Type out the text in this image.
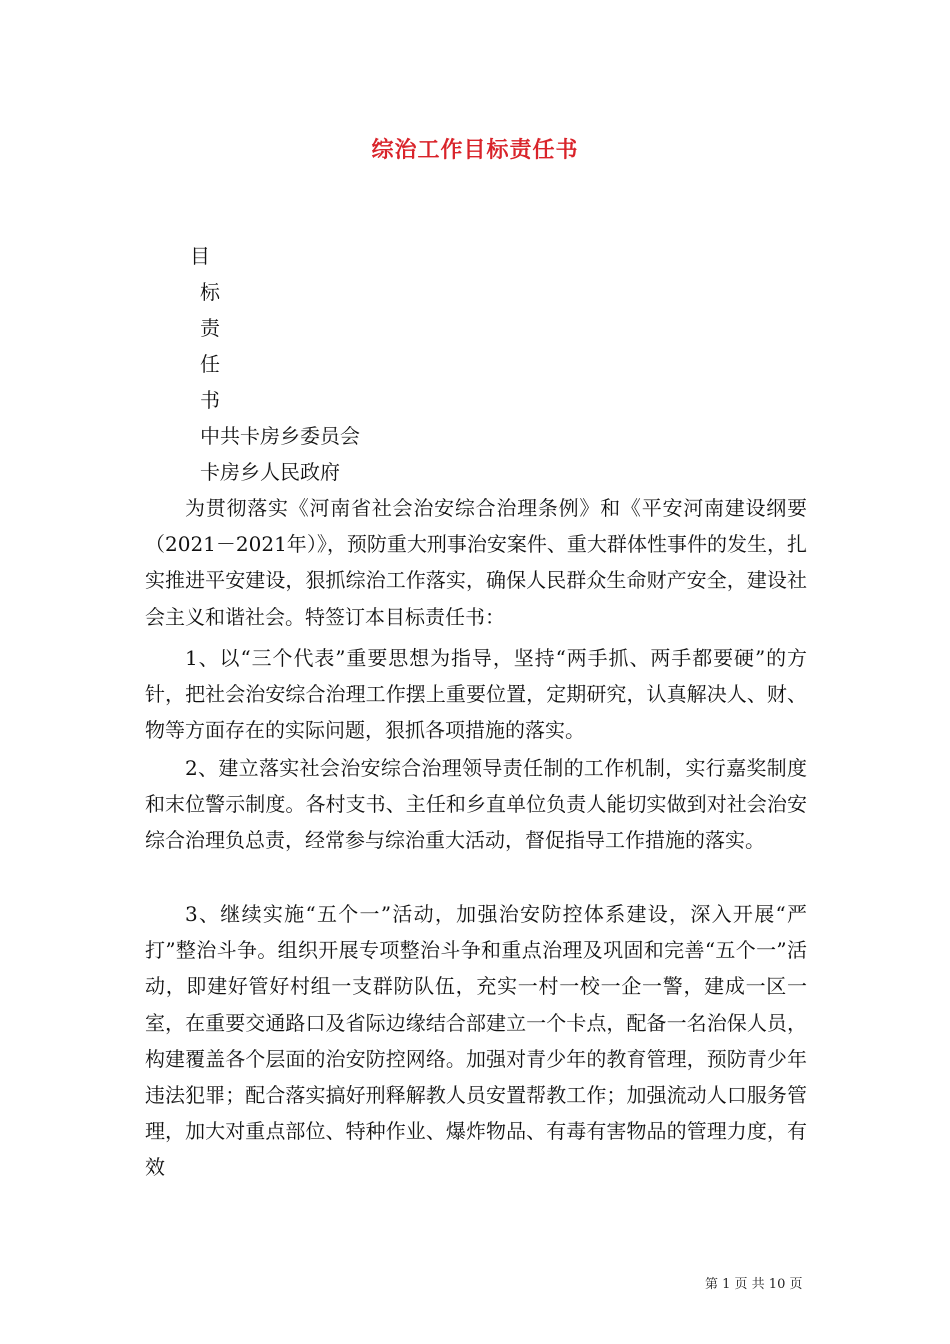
综治工作目标责任书
目
标
责
任
书
中共卡房乡委员会
卡房乡人民政府

为贯彻落实《河南省社会治安综合治理条例》和《平安河南建设纲要（2021－2021年）》，预防重大刑事治安案件、重大群体性事件的发生，扎实推进平安建设，狠抓综治工作落实，确保人民群众生命财产安全，建设社会主义和谐社会。特签订本目标责任书：

1、以“三个代表”重要思想为指导，坚持“两手抓、两手都要硬”的方针，把社会治安综合治理工作摆上重要位置，定期研究，认真解决人、财、物等方面存在的实际问题，狠抓各项措施的落实。

2、建立落实社会治安综合治理领导责任制的工作机制，实行嘉奖制度和末位警示制度。各村支书、主任和乡直单位负责人能切实做到对社会治安综合治理负总责，经常参与综治重大活动，督促指导工作措施的落实。

3、继续实施“五个一”活动，加强治安防控体系建设，深入开展“严打”整治斗争。组织开展专项整治斗争和重点治理及巩固和完善“五个一”活动，即建好管好村组一支群防队伍，充实一村一校一企一警，建成一区一室，在重要交通路口及省际边缘结合部建立一个卡点，配备一名治保人员，构建覆盖各个层面的治安防控网络。加强对青少年的教育管理，预防青少年违法犯罪；配合落实搞好刑释解教人员安置帮教工作；加强流动人口服务管理，加大对重点部位、特种作业、爆炸物品、有毒有害物品的管理力度，有效

第 1 页 共 10 页
